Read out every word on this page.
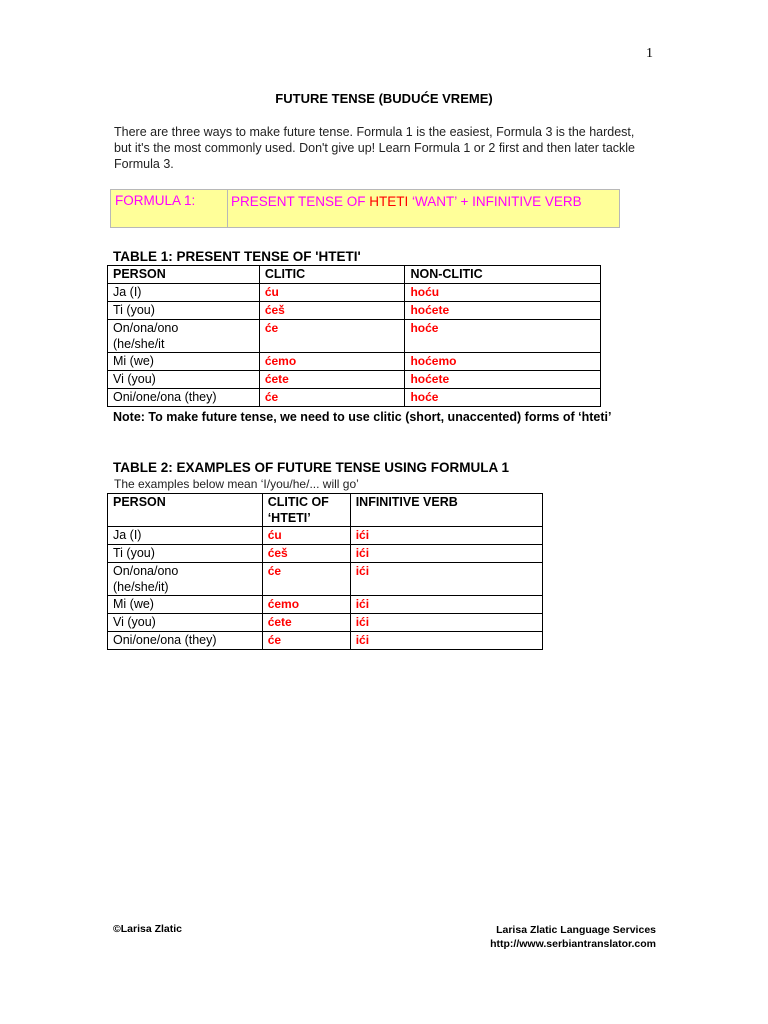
1
FUTURE TENSE (BUDUĆE VREME)
There are three ways to make future tense. Formula 1 is the easiest, Formula 3 is the hardest, but it's the most commonly used. Don't give up! Learn Formula 1 or 2 first and then later tackle Formula 3.
FORMULA 1:	PRESENT TENSE OF HTETI ‘WANT’ + INFINITIVE VERB
TABLE 1: PRESENT TENSE OF 'HTETI'
PERSON	CLITIC	NON-CLITIC
Ja (I)	ću	hoću
Ti (you)	ćeš	hoćete

On/ona/ono (he/she/it	će	hoće
Mi (we)	ćemo	hoćemo
Vi (you)	ćete	hoćete
Oni/one/ona (they)	će	hoće
Note: To make future tense, we need to use clitic (short, unaccented) forms of ‘hteti’
TABLE 2: EXAMPLES OF FUTURE TENSE USING FORMULA 1
The examples below mean ‘I/you/he/... will go’
PERSON	CLITIC OF ‘HTETI’	INFINITIVE VERB
Ja (I)	ću	ići
Ti (you)	ćeš	ići

On/ona/ono (he/she/it)	će	ići
Mi (we)	ćemo	ići
Vi (you)	ćete	ići
Oni/one/ona (they)	će	ići
©Larisa Zlatic	Larisa Zlatic Language Services
http://www.serbiantranslator.com
